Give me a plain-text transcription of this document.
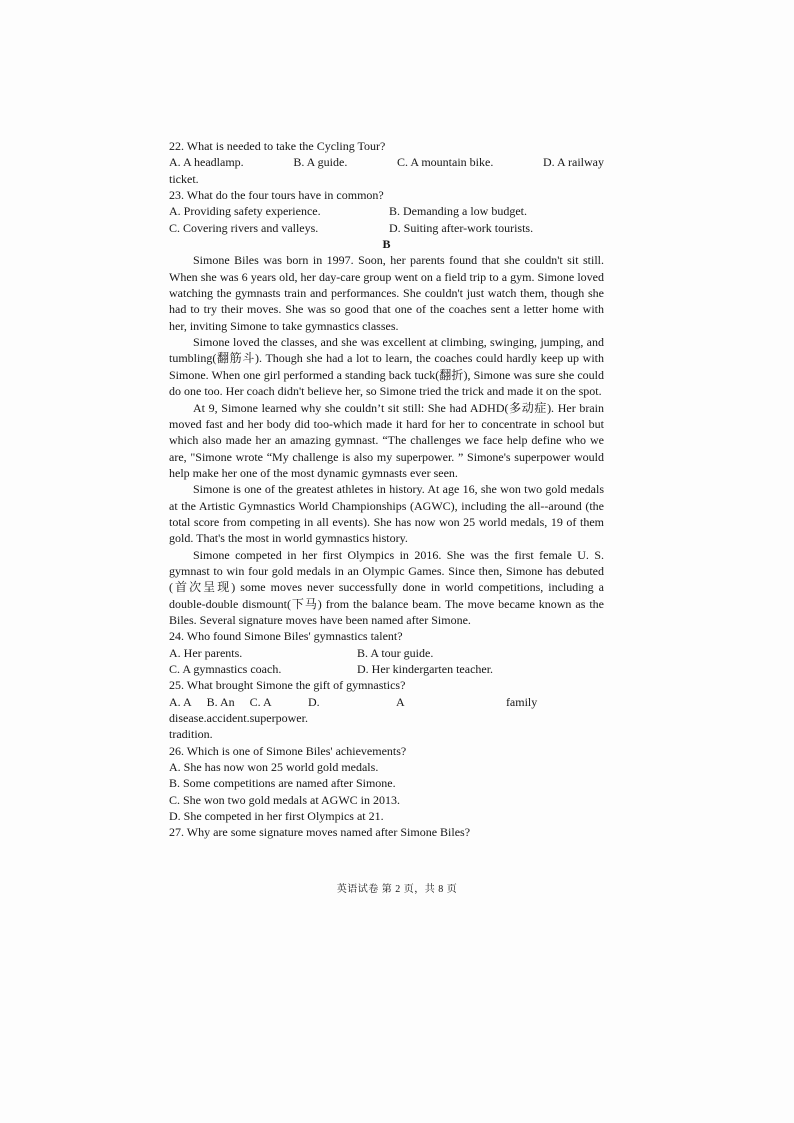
22. What is needed to take the Cycling Tour?

A. A headlamp.	B. A guide.	C. A mountain bike.	D. A railway

ticket.

23. What do the four tours have in common?

A. Providing safety experience.	B. Demanding a low budget.
C. Covering rivers and valleys.	D. Suiting after-work tourists.

B

Simone Biles was born in 1997. Soon, her parents found that she couldn't sit still. When she was 6 years old, her day-care group went on a field trip to a gym. Simone loved watching the gymnasts train and performances. She couldn't just watch them, though she had to try their moves. She was so good that one of the coaches sent a letter home with her, inviting Simone to take gymnastics classes.

Simone loved the classes, and she was excellent at climbing, swinging, jumping, and tumbling(翻筋斗). Though she had a lot to learn, the coaches could hardly keep up with Simone. When one girl performed a standing back tuck(翻折), Simone was sure she could do one too. Her coach didn't believe her, so Simone tried the trick and made it on the spot.

At 9, Simone learned why she couldn’t sit still: She had ADHD(多动症). Her brain moved fast and her body did too-which made it hard for her to concentrate in school but which also made her an amazing gymnast. “The challenges we face help define who we are, "Simone wrote “My challenge is also my superpower. ” Simone's superpower would help make her one of the most dynamic gymnasts ever seen.

Simone is one of the greatest athletes in history. At age 16, she won two gold medals at the Artistic Gymnastics World Championships (AGWC), including the all--around (the total score from competing in all events). She has now won 25 world medals, 19 of them gold. That's the most in world gymnastics history.

Simone competed in her first Olympics in 2016. She was the first female U. S. gymnast to win four gold medals in an Olympic Games. Since then, Simone has debuted (首次呈现) some moves never successfully done in world competitions, including a double-double dismount(下马) from the balance beam. The move became known as the Biles. Several signature moves have been named after Simone.

24. Who found Simone Biles' gymnastics talent?

A. Her parents.	B. A tour guide.
C. A gymnastics coach.	D. Her kindergarten teacher.

25. What brought Simone the gift of gymnastics?

A. A disease.
B. An accident.
C. A superpower.
D.	A	family

tradition.

26. Which is one of Simone Biles' achievements?

A. She has now won 25 world gold medals.

B. Some competitions are named after Simone.

C. She won two gold medals at AGWC in 2013.

D. She competed in her first Olympics at 21.

27. Why are some signature moves named after Simone Biles?

英语试卷 第 2 页，共 8 页
